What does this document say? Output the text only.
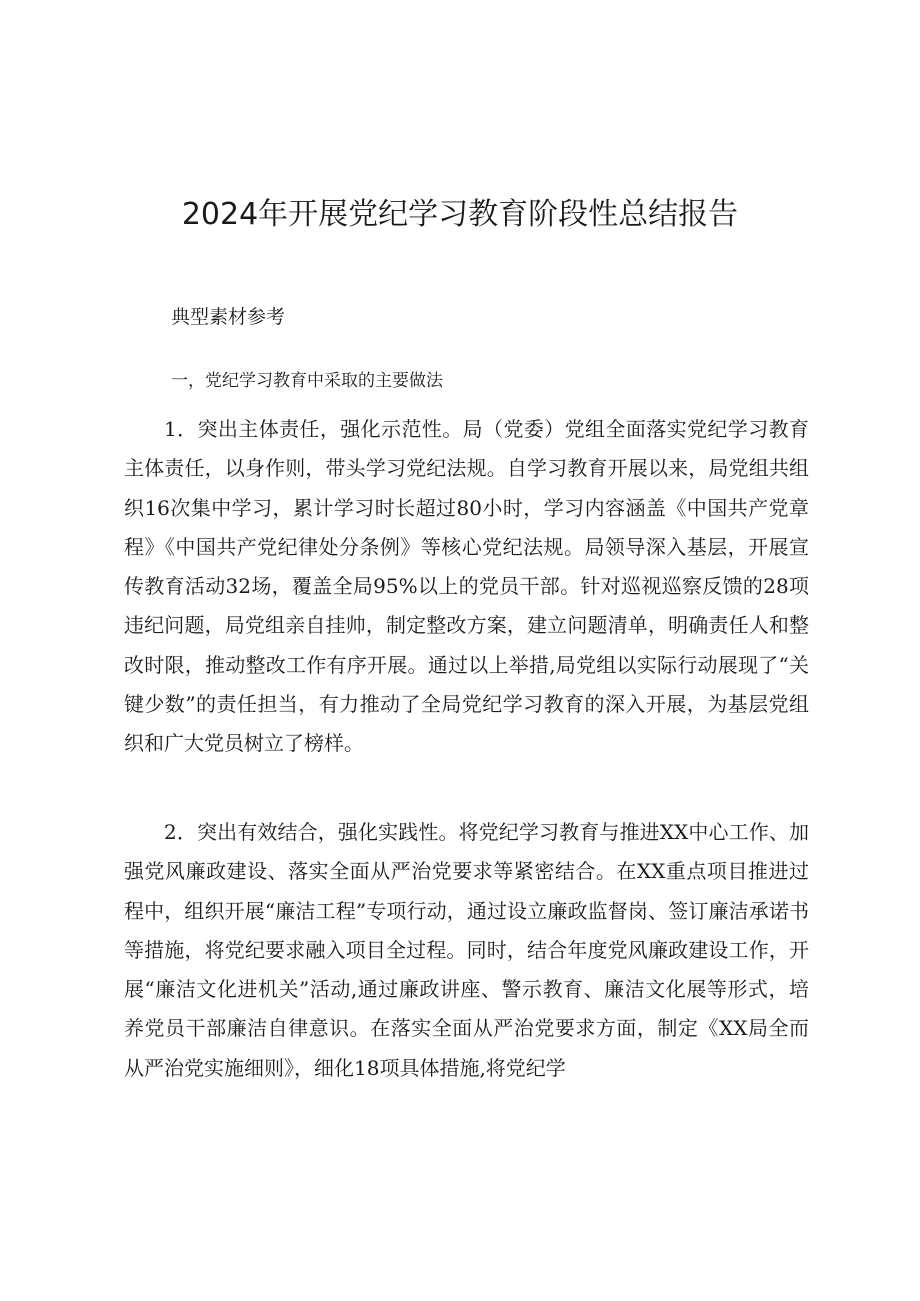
2024年开展党纪学习教育阶段性总结报告

典型素材参考

一，党纪学习教育中采取的主要做法

1．突出主体责任，强化示范性。局（党委）党组全面落实党纪学习教育主体责任，以身作则，带头学习党纪法规。自学习教育开展以来，局党组共组织16次集中学习，累计学习时长超过80小时，学习内容涵盖《中国共产党章程》《中国共产党纪律处分条例》等核心党纪法规。局领导深入基层，开展宣传教育活动32场，覆盖全局95%以上的党员干部。针对巡视巡察反馈的28项违纪问题，局党组亲自挂帅，制定整改方案，建立问题清单，明确责任人和整改时限，推动整改工作有序开展。通过以上举措,局党组以实际行动展现了“关键少数”的责任担当，有力推动了全局党纪学习教育的深入开展，为基层党组织和广大党员树立了榜样。

2．突出有效结合，强化实践性。将党纪学习教育与推进XX中心工作、加强党风廉政建设、落实全面从严治党要求等紧密结合。在XX重点项目推进过程中，组织开展“廉洁工程”专项行动，通过设立廉政监督岗、签订廉洁承诺书等措施，将党纪要求融入项目全过程。同时，结合年度党风廉政建设工作，开展“廉洁文化进机关”活动,通过廉政讲座、警示教育、廉洁文化展等形式，培养党员干部廉洁自律意识。在落实全面从严治党要求方面，制定《XX局全而从严治党实施细则》，细化18项具体措施,将党纪学
